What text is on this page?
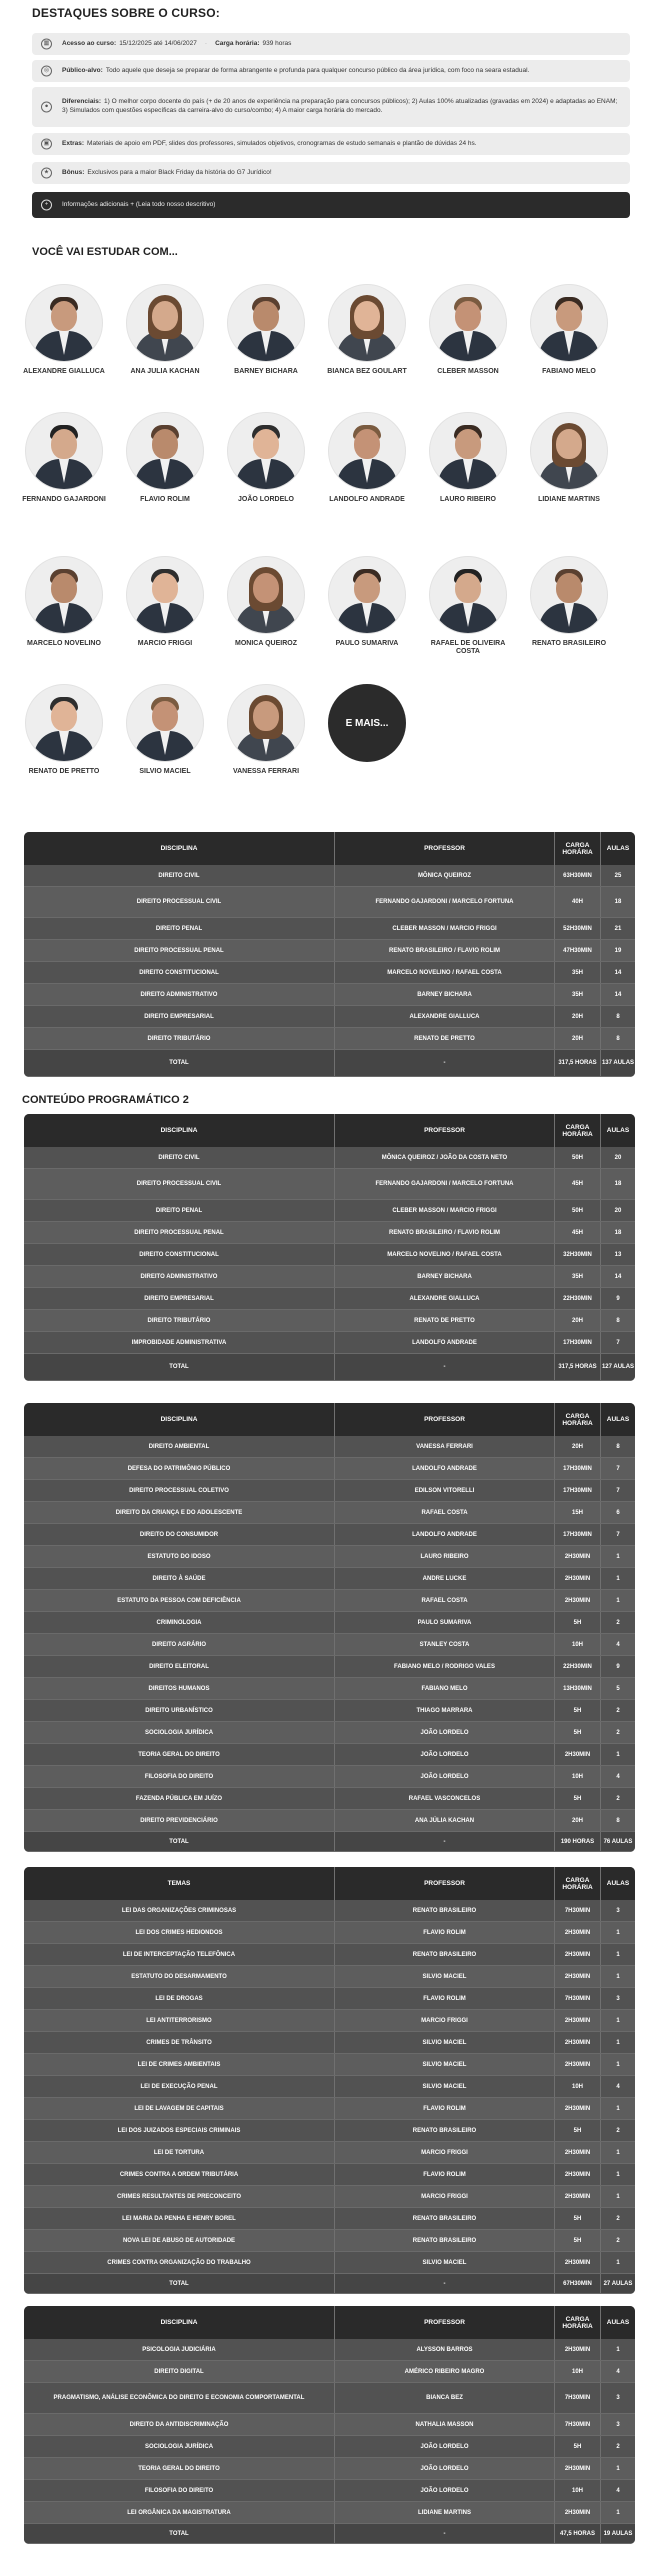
DESTAQUES SOBRE O CURSO:
▦	Acesso ao curso: 15/12/2025 até 14/06/2027 · Carga horária: 939 horas
◎	Público-alvo: Todo aquele que deseja se preparar de forma abrangente e profunda para qualquer concurso público da área jurídica, com foco na seara estadual.
●
Diferenciais: 1) O melhor corpo docente do país (+ de 20 anos de experiência na preparação para concursos públicos); 2) Aulas 100% atualizadas (gravadas em 2024) e adaptadas ao ENAM; 3) Simulados com questões específicas da carreira-alvo do curso/combo; 4) A maior carga horária do mercado.
▣	Extras: Materiais de apoio em PDF, slides dos professores, simulados objetivos, cronogramas de estudo semanais e plantão de dúvidas 24 hs.
★	Bônus: Exclusivos para a maior Black Friday da história do G7 Jurídico!
+	Informações adicionais + (Leia todo nosso descritivo)
VOCÊ VAI ESTUDAR COM...
ALEXANDRE GIALLUCA	ANA JULIA KACHAN	BARNEY BICHARA	BIANCA BEZ GOULART	CLEBER MASSON	FABIANO MELO
FERNANDO GAJARDONI	FLAVIO ROLIM	JOÃO LORDELO	LANDOLFO ANDRADE	LAURO RIBEIRO	LIDIANE MARTINS
MARCELO NOVELINO	MARCIO FRIGGI	MONICA QUEIROZ	PAULO SUMARIVA	RAFAEL DE OLIVEIRA COSTA
RENATO BRASILEIRO
RENATO DE PRETTO	SILVIO MACIEL	VANESSA FERRARI
E MAIS...
DISCIPLINA	PROFESSOR	CARGA HORÁRIA	AULAS
DIREITO CIVIL	MÔNICA QUEIROZ	63H30MIN	25
DIREITO PROCESSUAL CIVIL	FERNANDO GAJARDONI / MARCELO FORTUNA	40H	18
DIREITO PENAL	CLEBER MASSON / MARCIO FRIGGI	52H30MIN	21
DIREITO PROCESSUAL PENAL	RENATO BRASILEIRO / FLAVIO ROLIM	47H30MIN	19
DIREITO CONSTITUCIONAL	MARCELO NOVELINO / RAFAEL COSTA	35H	14
DIREITO ADMINISTRATIVO	BARNEY BICHARA	35H	14
DIREITO EMPRESARIAL	ALEXANDRE GIALLUCA	20H	8
DIREITO TRIBUTÁRIO	RENATO DE PRETTO	20H	8
TOTAL	-	317,5 HORAS 137 AULAS
CONTEÚDO PROGRAMÁTICO 2
DISCIPLINA	PROFESSOR	CARGA HORÁRIA	AULAS
DIREITO CIVIL	MÔNICA QUEIROZ / JOÃO DA COSTA NETO	50H	20
DIREITO PROCESSUAL CIVIL	FERNANDO GAJARDONI / MARCELO FORTUNA	45H	18
DIREITO PENAL	CLEBER MASSON / MARCIO FRIGGI	50H	20
DIREITO PROCESSUAL PENAL	RENATO BRASILEIRO / FLAVIO ROLIM	45H	18
DIREITO CONSTITUCIONAL	MARCELO NOVELINO / RAFAEL COSTA	32H30MIN	13
DIREITO ADMINISTRATIVO	BARNEY BICHARA	35H	14
DIREITO EMPRESARIAL	ALEXANDRE GIALLUCA	22H30MIN	9
DIREITO TRIBUTÁRIO	RENATO DE PRETTO	20H	8
IMPROBIDADE ADMINISTRATIVA	LANDOLFO ANDRADE	17H30MIN	7
TOTAL	-	317,5 HORAS 127 AULAS
DISCIPLINA	PROFESSOR	CARGA HORÁRIA	AULAS
DIREITO AMBIENTAL	VANESSA FERRARI	20H	8
DEFESA DO PATRIMÔNIO PÚBLICO	LANDOLFO ANDRADE	17H30MIN	7
DIREITO PROCESSUAL COLETIVO	EDILSON VITORELLI	17H30MIN	7
DIREITO DA CRIANÇA E DO ADOLESCENTE	RAFAEL COSTA	15H	6
DIREITO DO CONSUMIDOR	LANDOLFO ANDRADE	17H30MIN	7
ESTATUTO DO IDOSO	LAURO RIBEIRO	2H30MIN	1
DIREITO À SAÚDE	ANDRE LUCKE	2H30MIN	1
ESTATUTO DA PESSOA COM DEFICIÊNCIA	RAFAEL COSTA	2H30MIN	1
CRIMINOLOGIA	PAULO SUMARIVA	5H	2
DIREITO AGRÁRIO	STANLEY COSTA	10H	4
DIREITO ELEITORAL	FABIANO MELO / RODRIGO VALES	22H30MIN	9
DIREITOS HUMANOS	FABIANO MELO	13H30MIN	5
DIREITO URBANÍSTICO	THIAGO MARRARA	5H	2
SOCIOLOGIA JURÍDICA	JOÃO LORDELO	5H	2
TEORIA GERAL DO DIREITO	JOÃO LORDELO	2H30MIN	1
FILOSOFIA DO DIREITO	JOÃO LORDELO	10H	4
FAZENDA PÚBLICA EM JUÍZO	RAFAEL VASCONCELOS	5H	2
DIREITO PREVIDENCIÁRIO	ANA JÚLIA KACHAN	20H	8
TOTAL	-	190 HORAS	76 AULAS
TEMAS	PROFESSOR	CARGA HORÁRIA	AULAS
LEI DAS ORGANIZAÇÕES CRIMINOSAS	RENATO BRASILEIRO	7H30MIN	3
LEI DOS CRIMES HEDIONDOS	FLAVIO ROLIM	2H30MIN	1
LEI DE INTERCEPTAÇÃO TELEFÔNICA	RENATO BRASILEIRO	2H30MIN	1
ESTATUTO DO DESARMAMENTO	SILVIO MACIEL	2H30MIN	1
LEI DE DROGAS	FLAVIO ROLIM	7H30MIN	3
LEI ANTITERRORISMO	MARCIO FRIGGI	2H30MIN	1
CRIMES DE TRÂNSITO	SILVIO MACIEL	2H30MIN	1
LEI DE CRIMES AMBIENTAIS	SILVIO MACIEL	2H30MIN	1
LEI DE EXECUÇÃO PENAL	SILVIO MACIEL	10H	4
LEI DE LAVAGEM DE CAPITAIS	FLAVIO ROLIM	2H30MIN	1
LEI DOS JUIZADOS ESPECIAIS CRIMINAIS	RENATO BRASILEIRO	5H	2
LEI DE TORTURA	MARCIO FRIGGI	2H30MIN	1
CRIMES CONTRA A ORDEM TRIBUTÁRIA	FLAVIO ROLIM	2H30MIN	1
CRIMES RESULTANTES DE PRECONCEITO	MARCIO FRIGGI	2H30MIN	1
LEI MARIA DA PENHA E HENRY BOREL	RENATO BRASILEIRO	5H	2
NOVA LEI DE ABUSO DE AUTORIDADE	RENATO BRASILEIRO	5H	2
CRIMES CONTRA ORGANIZAÇÃO DO TRABALHO	SILVIO MACIEL	2H30MIN	1
TOTAL	-	67H30MIN	27 AULAS
DISCIPLINA	PROFESSOR	CARGA HORÁRIA	AULAS
PSICOLOGIA JUDICIÁRIA	ALYSSON BARROS	2H30MIN	1
DIREITO DIGITAL	AMÉRICO RIBEIRO MAGRO	10H	4
PRAGMATISMO, ANÁLISE ECONÔMICA DO DIREITO E ECONOMIA COMPORTAMENTAL	BIANCA BEZ	7H30MIN	3
DIREITO DA ANTIDISCRIMINAÇÃO	NATHALIA MASSON	7H30MIN	3
SOCIOLOGIA JURÍDICA	JOÃO LORDELO	5H	2
TEORIA GERAL DO DIREITO	JOÃO LORDELO	2H30MIN	1
FILOSOFIA DO DIREITO	JOÃO LORDELO	10H	4
LEI ORGÂNICA DA MAGISTRATURA	LIDIANE MARTINS	2H30MIN	1
TOTAL	-	47,5 HORAS	19 AULAS
